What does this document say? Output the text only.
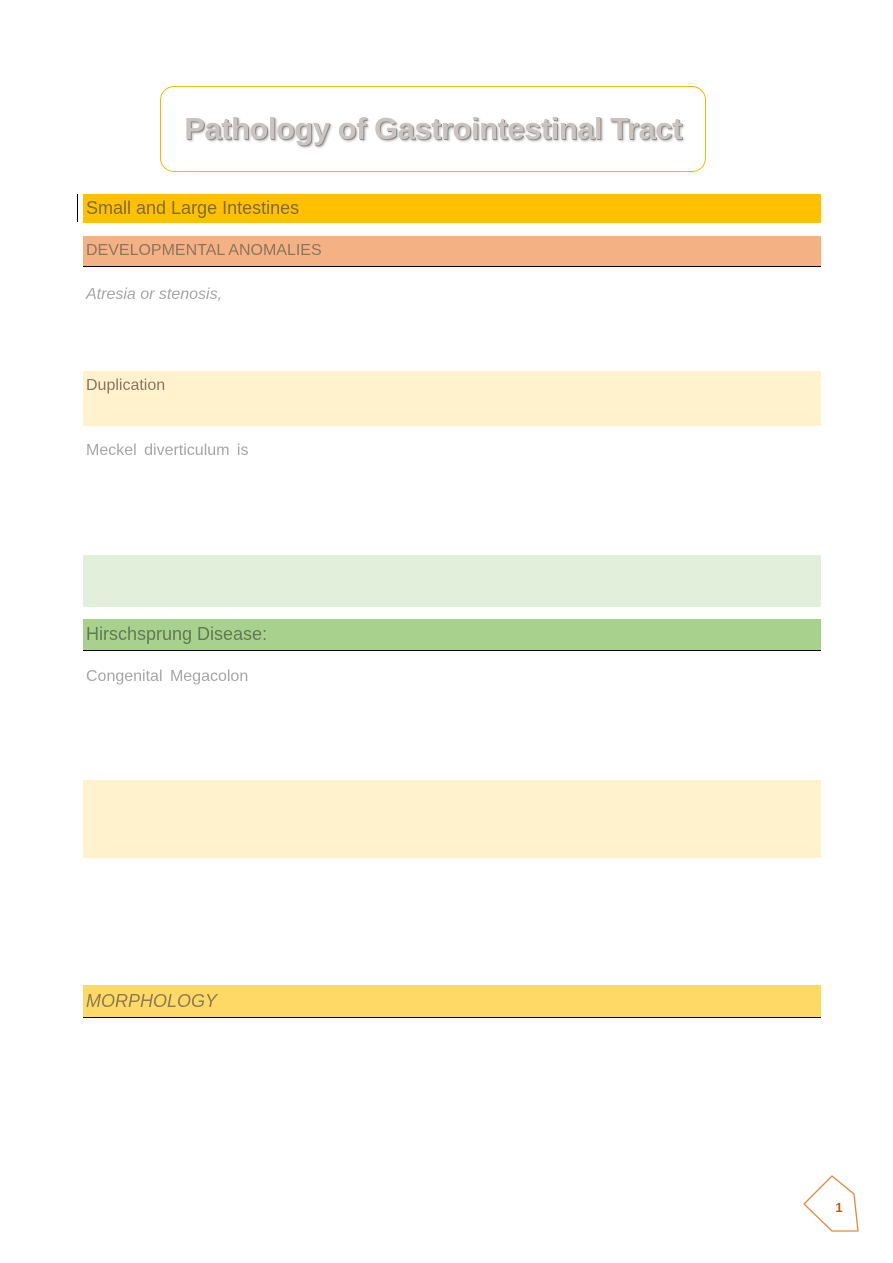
Pathology of Gastrointestinal Tract
Small and Large Intestines
DEVELOPMENTAL ANOMALIES
Atresia or stenosis,
Duplication
Meckel diverticulum is
Hirschsprung Disease:
Congenital Megacolon
MORPHOLOGY
1
